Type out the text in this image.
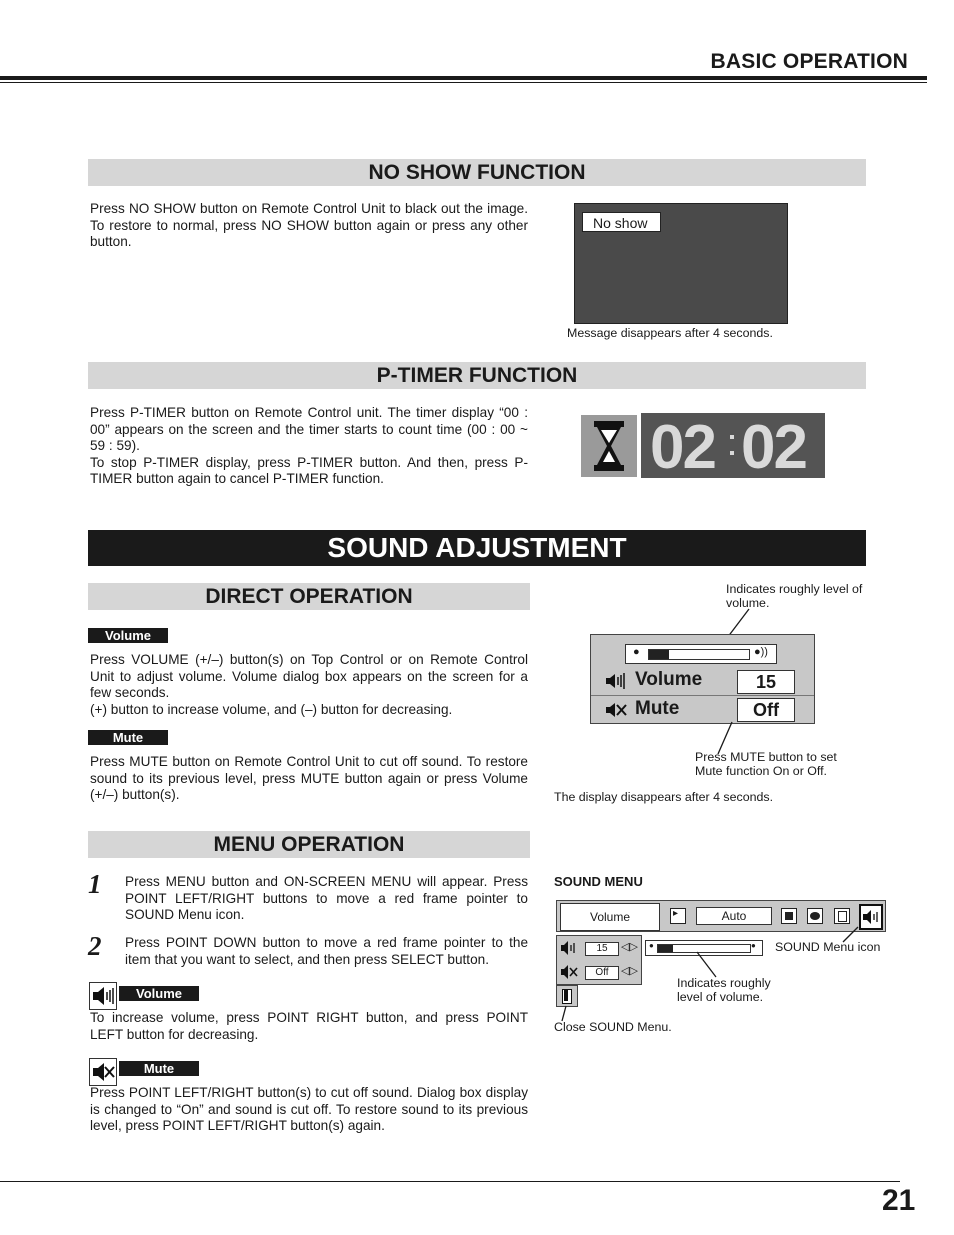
BASIC OPERATION
NO SHOW FUNCTION
Press NO SHOW button on Remote Control Unit to black out the image. To restore to normal, press NO SHOW button again or press any other button.
No show
Message disappears after 4 seconds.
P-TIMER FUNCTION
Press P-TIMER button on Remote Control unit. The timer display “00 : 00” appears on the screen and the timer starts to count time (00 : 00 ~ 59 : 59).
To stop P-TIMER display, press P-TIMER button. And then, press P-TIMER button again to cancel P-TIMER function.	02 02
SOUND ADJUSTMENT
DIRECT OPERATION
Volume
Press VOLUME (+/–) button(s) on Top Control or on Remote Control Unit to adjust volume. Volume dialog box appears on the screen for a few seconds.
(+) button to increase volume, and (–) button for decreasing.
Mute
Press MUTE button on Remote Control Unit to cut off sound. To restore sound to its previous level, press MUTE button again or press Volume (+/–) button(s).
Indicates roughly level of volume.
●	●))
Volume	15
Mute	Off
Press MUTE button to set Mute function On or Off.
The display disappears after 4 seconds.
MENU OPERATION
1 Press MENU button and ON-SCREEN MENU will appear. Press POINT LEFT/RIGHT buttons to move a red frame pointer to SOUND Menu icon.
2 Press POINT DOWN button to move a red frame pointer to the item that you want to select, and then press SELECT button.
Volume
To increase volume, press POINT RIGHT button, and press POINT LEFT button for decreasing.
Mute
Press POINT LEFT/RIGHT button(s) to cut off sound. Dialog box display is changed to “On” and sound is cut off. To restore sound to its previous level, press POINT LEFT/RIGHT button(s) again.
SOUND MENU
Volume	▸	Auto
15	◁▷
Off	◁▷
●	● SOUND Menu icon
Indicates roughly level of volume.
Close SOUND Menu.
21
